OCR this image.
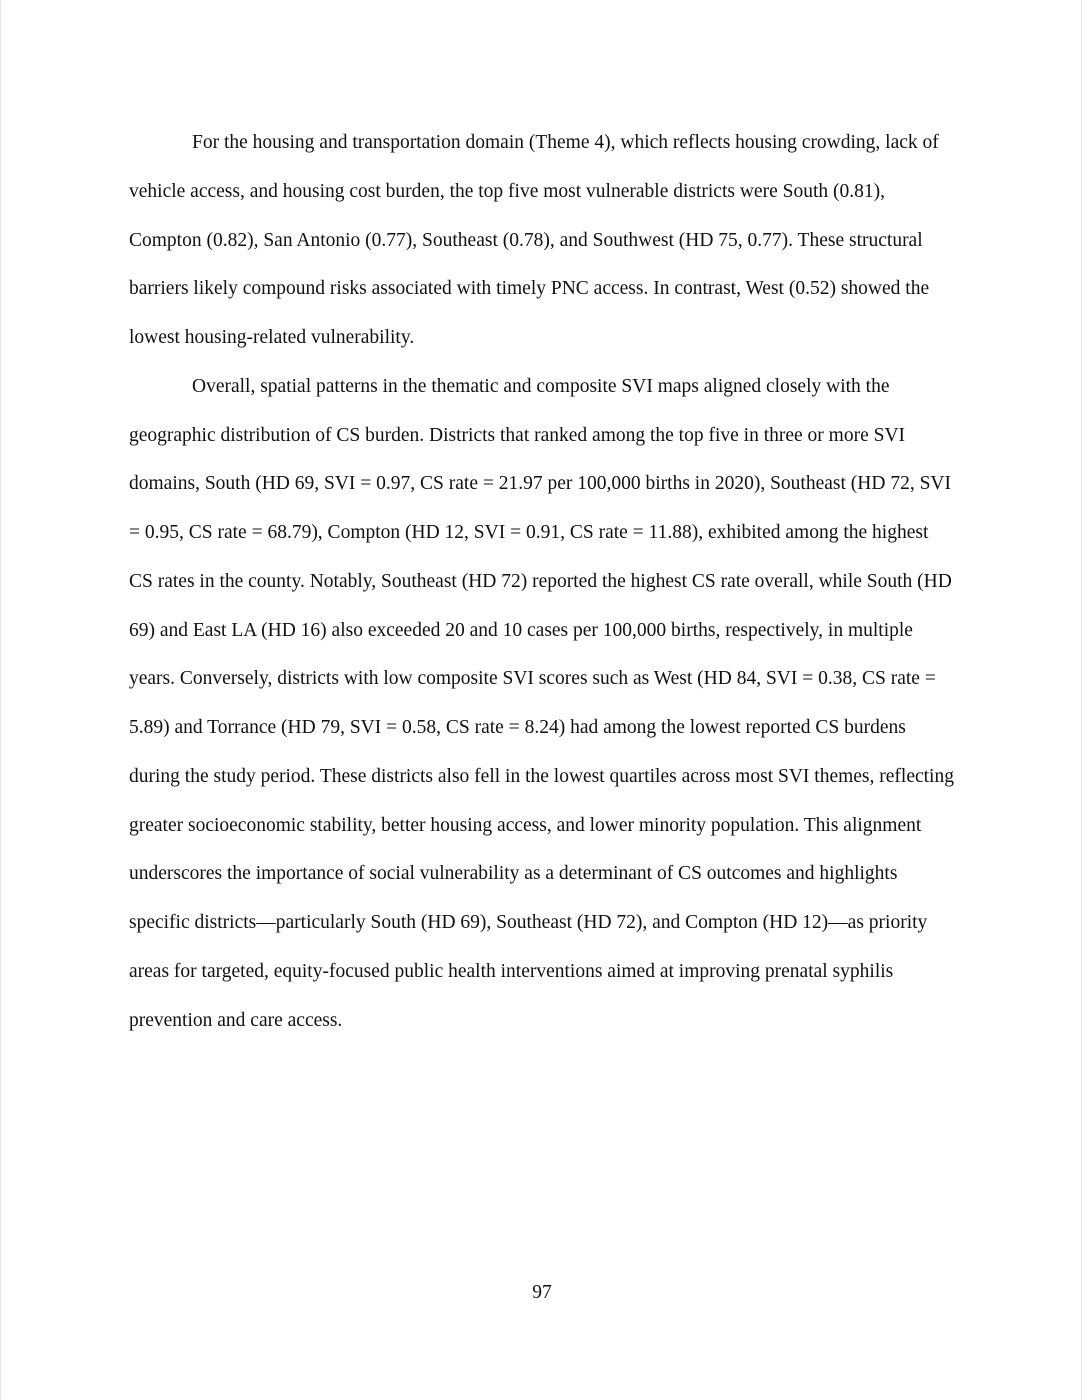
For the housing and transportation domain (Theme 4), which reflects housing crowding, lack of vehicle access, and housing cost burden, the top five most vulnerable districts were South (0.81), Compton (0.82), San Antonio (0.77), Southeast (0.78), and Southwest (HD 75, 0.77). These structural barriers likely compound risks associated with timely PNC access. In contrast, West (0.52) showed the lowest housing-related vulnerability.

Overall, spatial patterns in the thematic and composite SVI maps aligned closely with the geographic distribution of CS burden. Districts that ranked among the top five in three or more SVI domains, South (HD 69, SVI = 0.97, CS rate = 21.97 per 100,000 births in 2020), Southeast (HD 72, SVI = 0.95, CS rate = 68.79), Compton (HD 12, SVI = 0.91, CS rate = 11.88), exhibited among the highest CS rates in the county. Notably, Southeast (HD 72) reported the highest CS rate overall, while South (HD 69) and East LA (HD 16) also exceeded 20 and 10 cases per 100,000 births, respectively, in multiple years. Conversely, districts with low composite SVI scores such as West (HD 84, SVI = 0.38, CS rate = 5.89) and Torrance (HD 79, SVI = 0.58, CS rate = 8.24) had among the lowest reported CS burdens during the study period. These districts also fell in the lowest quartiles across most SVI themes, reflecting greater socioeconomic stability, better housing access, and lower minority population. This alignment underscores the importance of social vulnerability as a determinant of CS outcomes and highlights specific districts—particularly South (HD 69), Southeast (HD 72), and Compton (HD 12)—as priority areas for targeted, equity-focused public health interventions aimed at improving prenatal syphilis prevention and care access.

97
